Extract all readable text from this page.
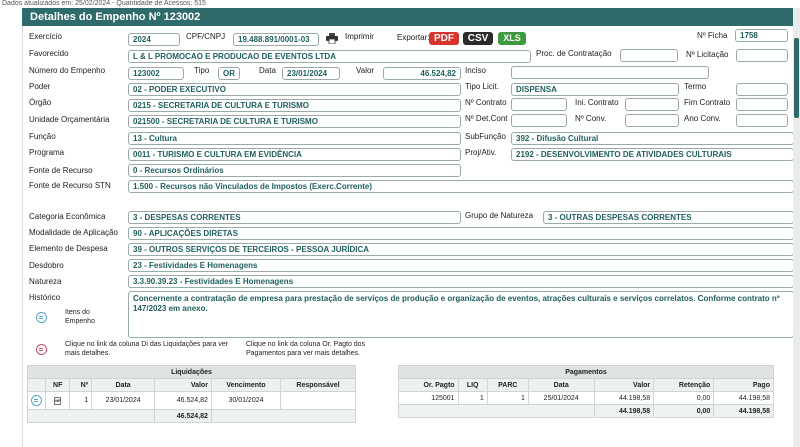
Dados atualizados em: 25/02/2024 - Quantidade de Acessos: 515
Detalhes do Empenho Nº 123002
Exercício	2024	CPF/CNPJ	19.488.891/0001-03	Imprimir	Exportar: PDF	CSV	XLS	Nº Ficha	1758
Favorecido	L & L PROMOCAO E PRODUCAO DE EVENTOS LTDA	Proc. de Contratação	Nº Licitação
Número do Empenho	123002	Tipo	OR	Data	23/01/2024	Valor	46.524,82	Inciso
Poder	02 - PODER EXECUTIVO	Tipo Licit.	DISPENSA	Termo
Órgão	0215 - SECRETARIA DE CULTURA E TURISMO	Nº Contrato	Ini. Contrato	Fim Contrato
Unidade Orçamentária	021500 - SECRETARIA DE CULTURA E TURISMO	Nº Det.Cont	Nº Conv.	Ano Conv.
Função	13 - Cultura	SubFunção	392 - Difusão Cultural
Programa	0011 - TURISMO E CULTURA EM EVIDÊNCIA	Proj/Ativ.	2192 - DESENVOLVIMENTO DE ATIVIDADES CULTURAIS
Fonte de Recurso	0 - Recursos Ordinários
Fonte de Recurso STN	1.500 - Recursos não Vinculados de Impostos (Exerc.Corrente)
Categoria Econômica	3 - DESPESAS CORRENTES	Grupo de Natureza	3 - OUTRAS DESPESAS CORRENTES
Modalidade de Aplicação	90 - APLICAÇÕES DIRETAS
Elemento de Despesa	39 - OUTROS SERVIÇOS DE TERCEIROS - PESSOA JURÍDICA
Desdobro	23 - Festividades E Homenagens
Natureza	3.3.90.39.23 - Festividades E Homenagens
Histórico	Concernente a contratação de empresa para prestação de serviços de produção e organização de eventos, atrações culturais e serviços correlatos. Conforme contrato nº 147/2023 em anexo.
Itens do Empenho
Clique no link da coluna Di das Liquidações para ver mais detalhes.
Clique no link da coluna Or. Pagto dos Pagamentos para ver mais detalhes.
Liquidações						
	NF	Nº	Data	Valor	Vencimento	Responsável
	NF	1	23/01/2024	46.524,82	30/01/2024	
				46.524,82		
Pagamentos						
Or. Pagto	LIQ	PARC	Data	Valor	Retenção	Pago
125001	1	1	25/01/2024	44.198,58	0,00	44.198,58
				44.198,58	0,00	44.198,58
